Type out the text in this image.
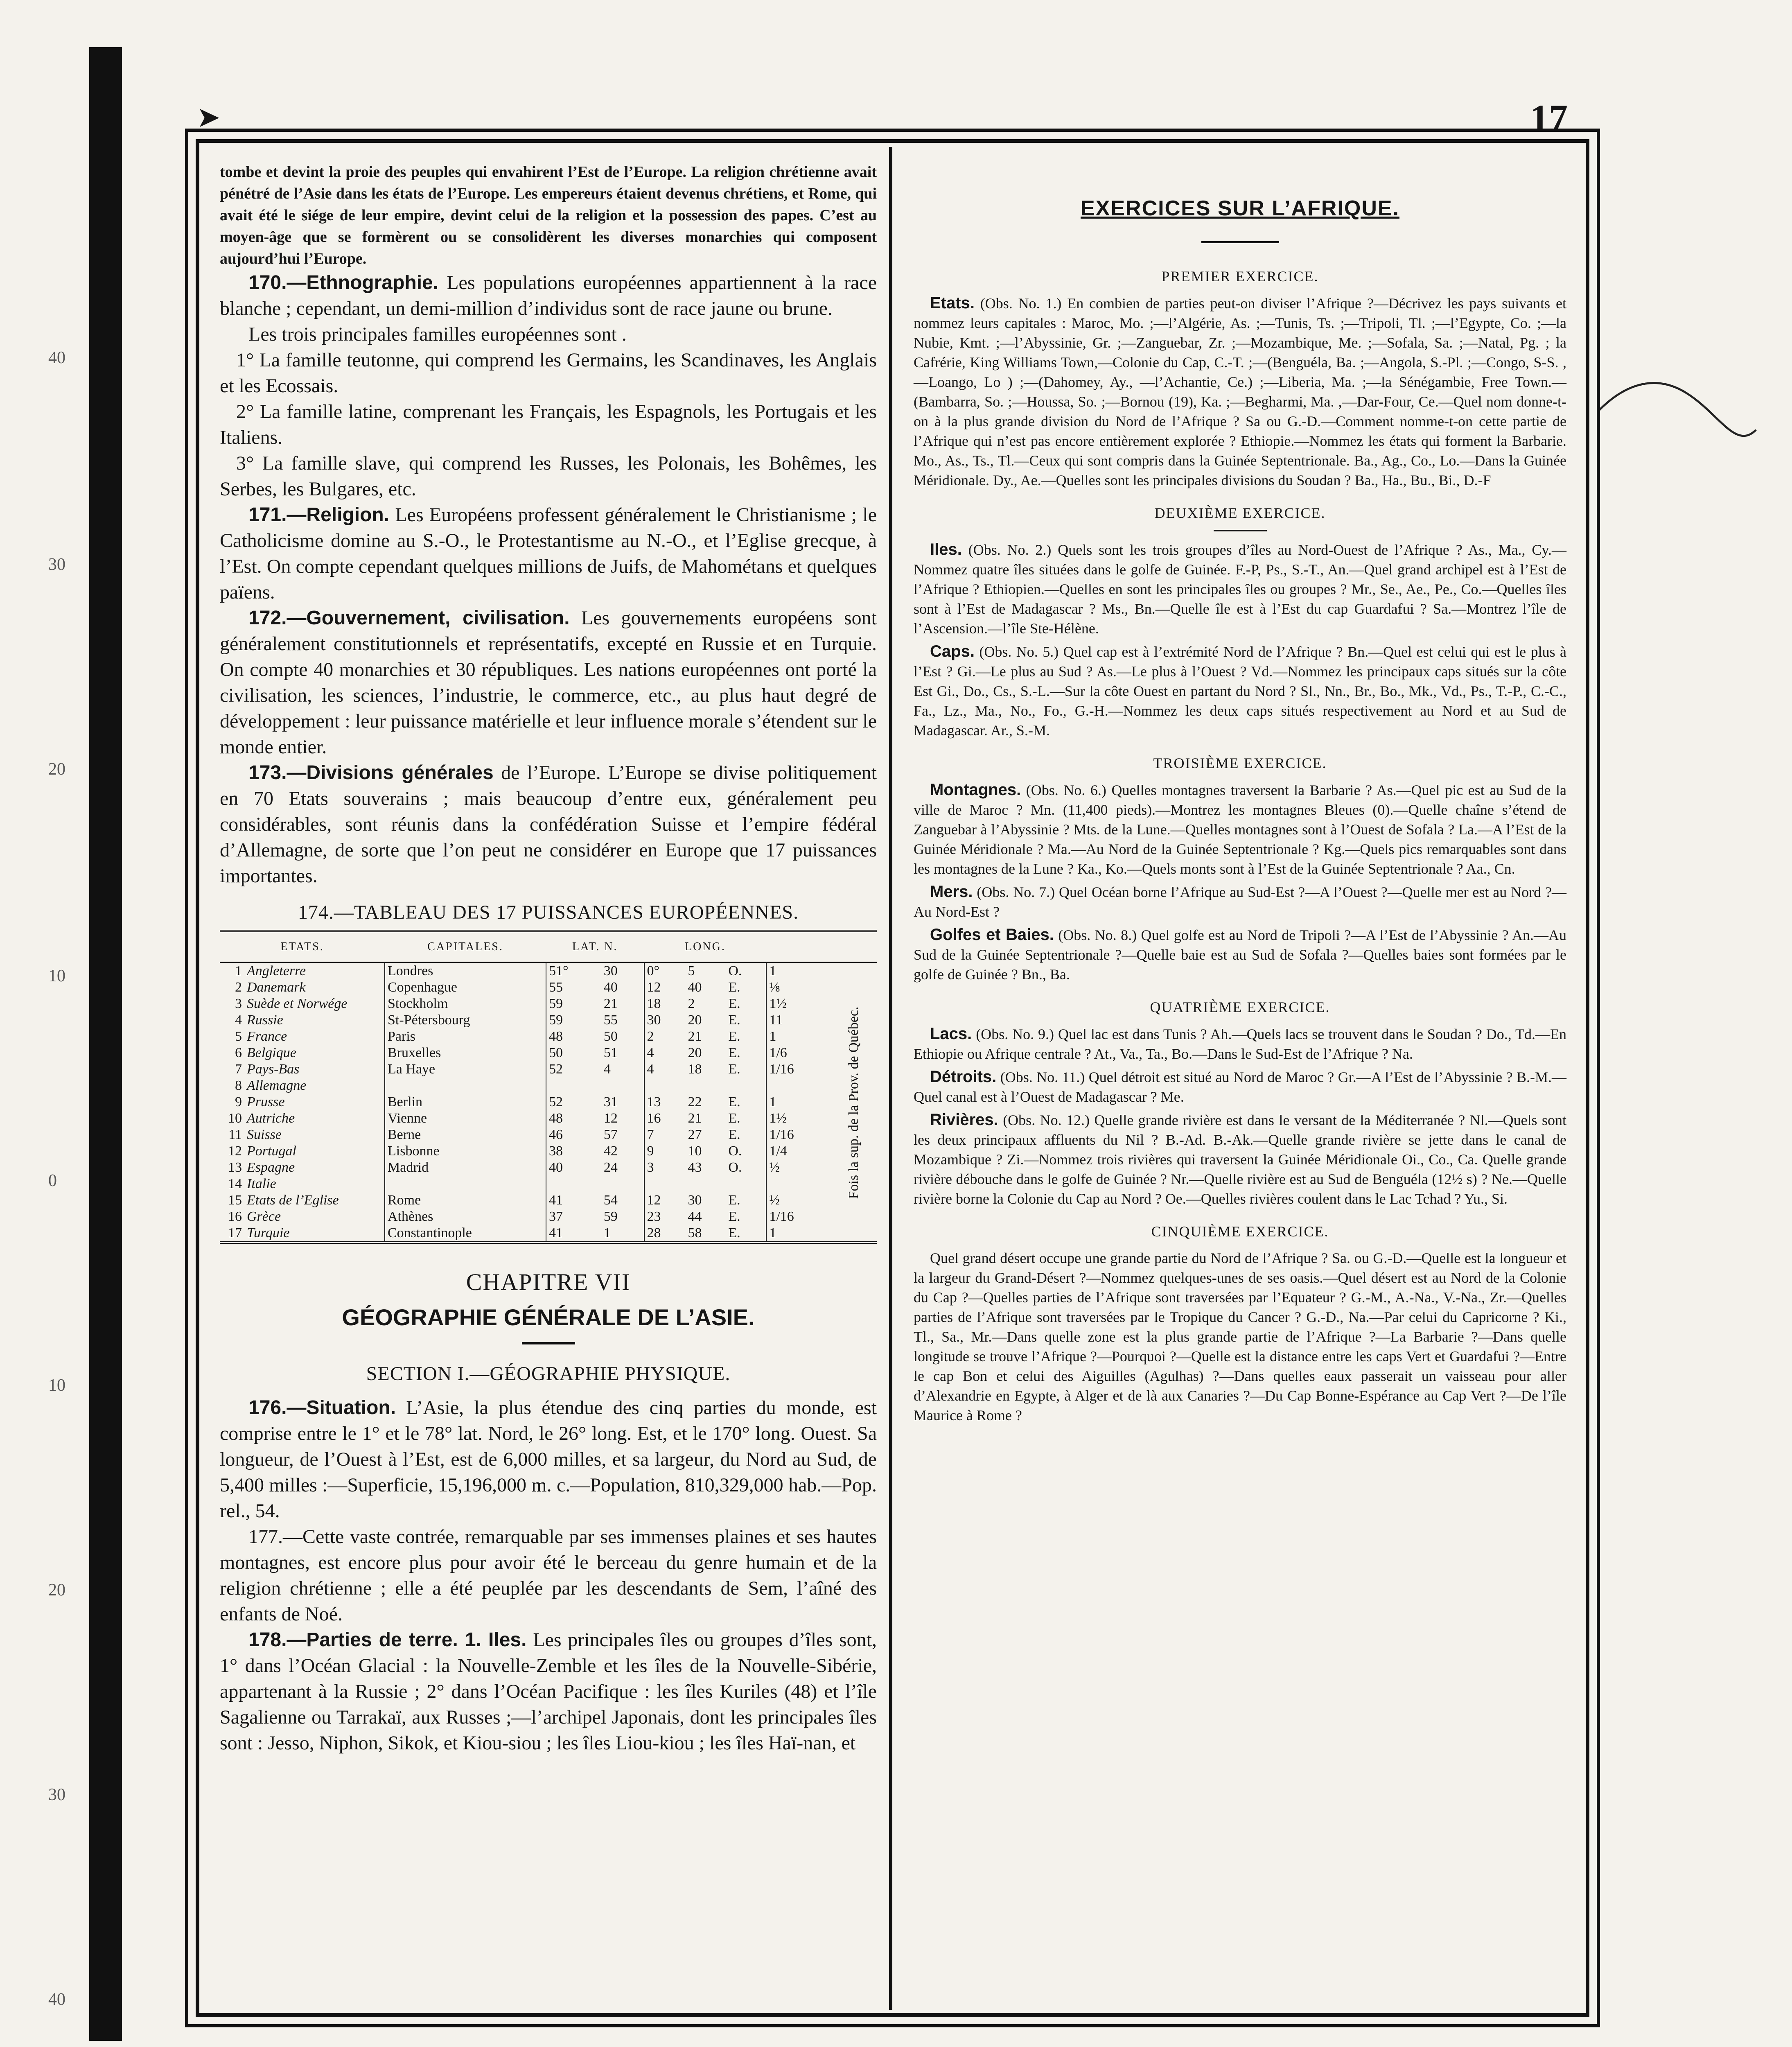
40
30
20
10
0
10
20
30
40
➤	17

tombe et devint la proie des peuples qui envahirent l’Est de l’Europe. La religion chrétienne avait pénétré de l’Asie dans les états de l’Europe. Les empereurs étaient devenus chrétiens, et Rome, qui avait été le siége de leur empire, devint celui de la religion et la possession des papes. C’est au moyen-âge que se formèrent ou se consolidèrent les diverses monarchies qui composent aujourd’hui l’Europe.

170.—Ethnographie. Les populations européennes appartiennent à la race blanche ; cependant, un demi-million d’individus sont de race jaune ou brune.

Les trois principales familles européennes sont .

1° La famille teutonne, qui comprend les Germains, les Scandinaves, les Anglais et les Ecossais.

2° La famille latine, comprenant les Français, les Espagnols, les Portugais et les Italiens.

3° La famille slave, qui comprend les Russes, les Polonais, les Bohêmes, les Serbes, les Bulgares, etc.

171.—Religion. Les Européens professent généralement le Christianisme ; le Catholicisme domine au S.-O., le Protestantisme au N.-O., et l’Eglise grecque, à l’Est. On compte cependant quelques millions de Juifs, de Mahométans et quelques païens.

172.—Gouvernement, civilisation. Les gouvernements européens sont généralement constitutionnels et représentatifs, excepté en Russie et en Turquie. On compte 40 monarchies et 30 républiques. Les nations européennes ont porté la civilisation, les sciences, l’industrie, le commerce, etc., au plus haut degré de développement : leur puissance matérielle et leur influence morale s’étendent sur le monde entier.

173.—Divisions générales de l’Europe. L’Europe se divise politiquement en 70 Etats souverains ; mais beaucoup d’entre eux, généralement peu considérables, sont réunis dans la confédération Suisse et l’empire fédéral d’Allemagne, de sorte que l’on peut ne considérer en Europe que 17 puissances importantes.

174.—TABLEAU DES 17 PUISSANCES EUROPÉENNES.
ETATS.		CAPITALES.	LAT. N.		LONG.				
1	Angleterre	Londres	51°	30	0°	5	O.	1	Fois la sup. de la Prov. de Québec.
2	Danemark	Copenhague	55	40	12	40	E.	⅛	
3	Suède et Norwége	Stockholm	59	21	18	2	E.	1½	
4	Russie	St-Pétersbourg	59	55	30	20	E.	11	
5	France	Paris	48	50	2	21	E.	1	
6	Belgique	Bruxelles	50	51	4	20	E.	1/6	
7	Pays-Bas	La Haye	52	4	4	18	E.	1/16	
8	Allemagne								
9	Prusse	Berlin	52	31	13	22	E.	1	
10	Autriche	Vienne	48	12	16	21	E.	1½	
11	Suisse	Berne	46	57	7	27	E.	1/16	
12	Portugal	Lisbonne	38	42	9	10	O.	1/4	
13	Espagne	Madrid	40	24	3	43	O.	½	
14	Italie								
15	Etats de l’Eglise	Rome	41	54	12	30	E.	½	
16	Grèce	Athènes	37	59	23	44	E.	1/16	
17	Turquie	Constantinople	41	1	28	58	E.	1	
CHAPITRE VII
GÉOGRAPHIE GÉNÉRALE DE L’ASIE.
SECTION I.—GÉOGRAPHIE PHYSIQUE.

176.—Situation. L’Asie, la plus étendue des cinq parties du monde, est comprise entre le 1° et le 78° lat. Nord, le 26° long. Est, et le 170° long. Ouest. Sa longueur, de l’Ouest à l’Est, est de 6,000 milles, et sa largeur, du Nord au Sud, de 5,400 milles :—Superficie, 15,196,000 m. c.—Population, 810,329,000 hab.—Pop. rel., 54.

177.—Cette vaste contrée, remarquable par ses immenses plaines et ses hautes montagnes, est encore plus pour avoir été le berceau du genre humain et de la religion chrétienne ; elle a été peuplée par les descendants de Sem, l’aîné des enfants de Noé.

178.—Parties de terre. 1. Iles. Les principales îles ou groupes d’îles sont, 1° dans l’Océan Glacial : la Nouvelle-Zemble et les îles de la Nouvelle-Sibérie, appartenant à la Russie ; 2° dans l’Océan Pacifique : les îles Kuriles (48) et l’île Sagalienne ou Tarrakaï, aux Russes ;—l’archipel Japonais, dont les principales îles sont : Jesso, Niphon, Sikok, et Kiou-siou ; les îles Liou-kiou ; les îles Haï-nan, et

EXERCICES SUR L’AFRIQUE.
PREMIER EXERCICE.

Etats. (Obs. No. 1.) En combien de parties peut-on diviser l’Afrique ?—Décrivez les pays suivants et nommez leurs capitales : Maroc, Mo. ;—l’Algérie, As. ;—Tunis, Ts. ;—Tripoli, Tl. ;—l’Egypte, Co. ;—la Nubie, Kmt. ;—l’Abyssinie, Gr. ;—Zanguebar, Zr. ;—Mozambique, Me. ;—Sofala, Sa. ;—Natal, Pg. ; la Cafrérie, King Williams Town,—Colonie du Cap, C.-T. ;—(Benguéla, Ba. ;—Angola, S.-Pl. ;—Congo, S-S. ,—Loango, Lo ) ;—(Dahomey, Ay., —l’Achantie, Ce.) ;—Liberia, Ma. ;—la Sénégambie, Free Town.—(Bambarra, So. ;—Houssa, So. ;—Bornou (19), Ka. ;—Begharmi, Ma. ,—Dar-Four, Ce.—Quel nom donne-t-on à la plus grande division du Nord de l’Afrique ? Sa ou G.-D.—Comment nomme-t-on cette partie de l’Afrique qui n’est pas encore entièrement explorée ? Ethiopie.—Nommez les états qui forment la Barbarie. Mo., As., Ts., Tl.—Ceux qui sont compris dans la Guinée Septentrionale. Ba., Ag., Co., Lo.—Dans la Guinée Méridionale. Dy., Ae.—Quelles sont les principales divisions du Soudan ? Ba., Ha., Bu., Bi., D.-F

DEUXIÈME EXERCICE.

Iles. (Obs. No. 2.) Quels sont les trois groupes d’îles au Nord-Ouest de l’Afrique ? As., Ma., Cy.—Nommez quatre îles situées dans le golfe de Guinée. F.-P, Ps., S.-T., An.—Quel grand archipel est à l’Est de l’Afrique ? Ethiopien.—Quelles en sont les principales îles ou groupes ? Mr., Se., Ae., Pe., Co.—Quelles îles sont à l’Est de Madagascar ? Ms., Bn.—Quelle île est à l’Est du cap Guardafui ? Sa.—Montrez l’île de l’Ascension.—l’île Ste-Hélène.

Caps. (Obs. No. 5.) Quel cap est à l’extrémité Nord de l’Afrique ? Bn.—Quel est celui qui est le plus à l’Est ? Gi.—Le plus au Sud ? As.—Le plus à l’Ouest ? Vd.—Nommez les principaux caps situés sur la côte Est Gi., Do., Cs., S.-L.—Sur la côte Ouest en partant du Nord ? Sl., Nn., Br., Bo., Mk., Vd., Ps., T.-P., C.-C., Fa., Lz., Ma., No., Fo., G.-H.—Nommez les deux caps situés respectivement au Nord et au Sud de Madagascar. Ar., S.-M.

TROISIÈME EXERCICE.

Montagnes. (Obs. No. 6.) Quelles montagnes traversent la Barbarie ? As.—Quel pic est au Sud de la ville de Maroc ? Mn. (11,400 pieds).—Montrez les montagnes Bleues (0).—Quelle chaîne s’étend de Zanguebar à l’Abyssinie ? Mts. de la Lune.—Quelles montagnes sont à l’Ouest de Sofala ? La.—A l’Est de la Guinée Méridionale ? Ma.—Au Nord de la Guinée Septentrionale ? Kg.—Quels pics remarquables sont dans les montagnes de la Lune ? Ka., Ko.—Quels monts sont à l’Est de la Guinée Septentrionale ? Aa., Cn.

Mers. (Obs. No. 7.) Quel Océan borne l’Afrique au Sud-Est ?—A l’Ouest ?—Quelle mer est au Nord ?—Au Nord-Est ?

Golfes et Baies. (Obs. No. 8.) Quel golfe est au Nord de Tripoli ?—A l’Est de l’Abyssinie ? An.—Au Sud de la Guinée Septentrionale ?—Quelle baie est au Sud de Sofala ?—Quelles baies sont formées par le golfe de Guinée ? Bn., Ba.

QUATRIÈME EXERCICE.

Lacs. (Obs. No. 9.) Quel lac est dans Tunis ? Ah.—Quels lacs se trouvent dans le Soudan ? Do., Td.—En Ethiopie ou Afrique centrale ? At., Va., Ta., Bo.—Dans le Sud-Est de l’Afrique ? Na.

Détroits. (Obs. No. 11.) Quel détroit est situé au Nord de Maroc ? Gr.—A l’Est de l’Abyssinie ? B.-M.—Quel canal est à l’Ouest de Madagascar ? Me.

Rivières. (Obs. No. 12.) Quelle grande rivière est dans le versant de la Méditerranée ? Nl.—Quels sont les deux principaux affluents du Nil ? B.-Ad. B.-Ak.—Quelle grande rivière se jette dans le canal de Mozambique ? Zi.—Nommez trois rivières qui traversent la Guinée Méridionale Oi., Co., Ca. Quelle grande rivière débouche dans le golfe de Guinée ? Nr.—Quelle rivière est au Sud de Benguéla (12½ s) ? Ne.—Quelle rivière borne la Colonie du Cap au Nord ? Oe.—Quelles rivières coulent dans le Lac Tchad ? Yu., Si.

CINQUIÈME EXERCICE.

Quel grand désert occupe une grande partie du Nord de l’Afrique ? Sa. ou G.-D.—Quelle est la longueur et la largeur du Grand-Désert ?—Nommez quelques-unes de ses oasis.—Quel désert est au Nord de la Colonie du Cap ?—Quelles parties de l’Afrique sont traversées par l’Equateur ? G.-M., A.-Na., V.-Na., Zr.—Quelles parties de l’Afrique sont traversées par le Tropique du Cancer ? G.-D., Na.—Par celui du Capricorne ? Ki., Tl., Sa., Mr.—Dans quelle zone est la plus grande partie de l’Afrique ?—La Barbarie ?—Dans quelle longitude se trouve l’Afrique ?—Pourquoi ?—Quelle est la distance entre les caps Vert et Guardafui ?—Entre le cap Bon et celui des Aiguilles (Agulhas) ?—Dans quelles eaux passerait un vaisseau pour aller d’Alexandrie en Egypte, à Alger et de là aux Canaries ?—Du Cap Bonne-Espérance au Cap Vert ?—De l’île Maurice à Rome ?
